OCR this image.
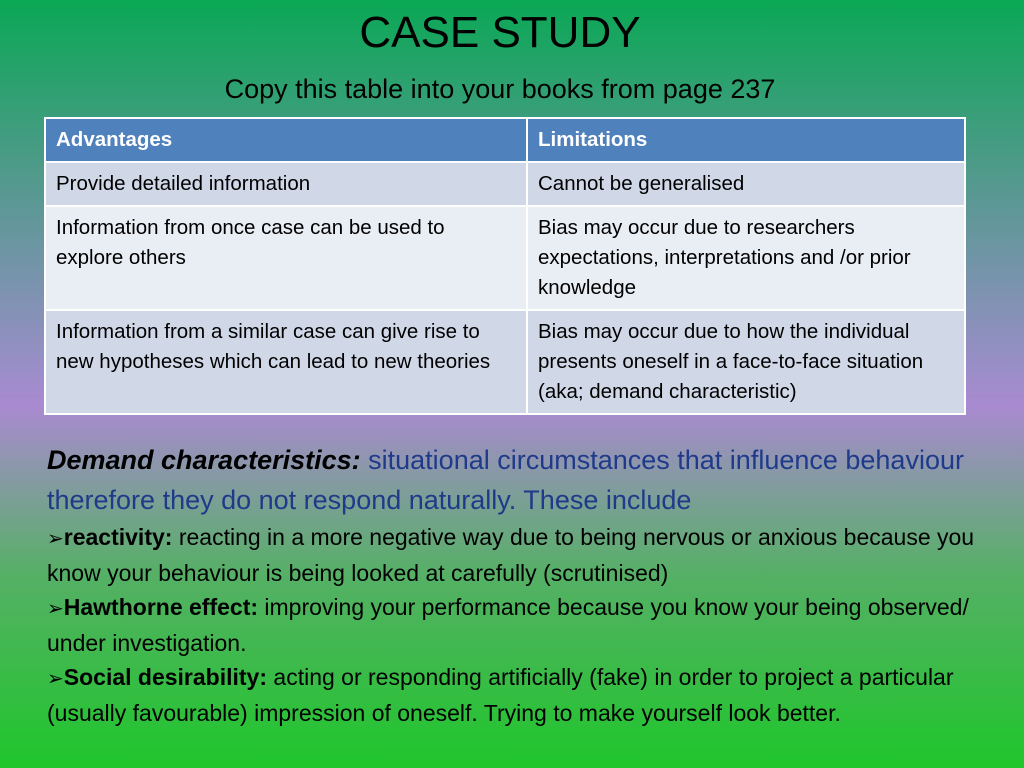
CASE STUDY
Copy this table into your books from page 237
Advantages	Limitations
Provide detailed information	Cannot be generalised
Information from once case can be used to explore others	Bias may occur due to researchers expectations, interpretations and /or prior knowledge
Information from a similar case can give rise to new hypotheses which can lead to new theories	Bias may occur due to how the individual presents oneself in a face-to-face situation (aka; demand characteristic)
Demand characteristics: situational circumstances that influence behaviour therefore they do not respond naturally. These include
➢reactivity: reacting in a more negative way due to being nervous or anxious because you know your behaviour is being looked at carefully (scrutinised)
➢Hawthorne effect: improving your performance because you know your being observed/ under investigation.
➢Social desirability: acting or responding artificially (fake) in order to project a particular (usually favourable) impression of oneself. Trying to make yourself look better.
